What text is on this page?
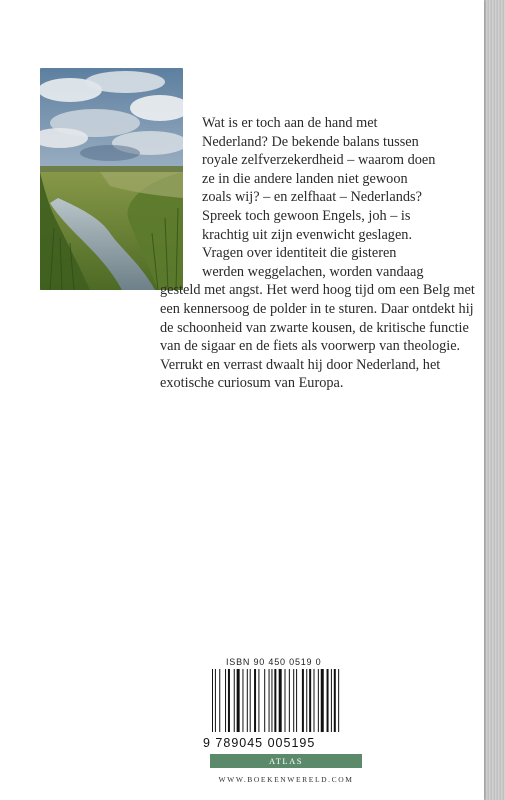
Wat is er toch aan de hand met
Nederland? De bekende balans tussen
royale zelfverzekerdheid – waarom doen
ze in die andere landen niet gewoon
zoals wij? – en zelfhaat – Nederlands?
Spreek toch gewoon Engels, joh – is
krachtig uit zijn evenwicht geslagen.
Vragen over identiteit die gisteren
werden weggelachen, worden vandaag
gesteld met angst. Het werd hoog tijd om een Belg met
een kennersoog de polder in te sturen. Daar ontdekt hij
de schoonheid van zwarte kousen, de kritische functie
van de sigaar en de fiets als voorwerp van theologie.
Verrukt en verrast dwaalt hij door Nederland, het
exotische curiosum van Europa.
ISBN 90 450 0519 0
9 789045 005195
ATLAS
WWW.BOEKENWERELD.COM
